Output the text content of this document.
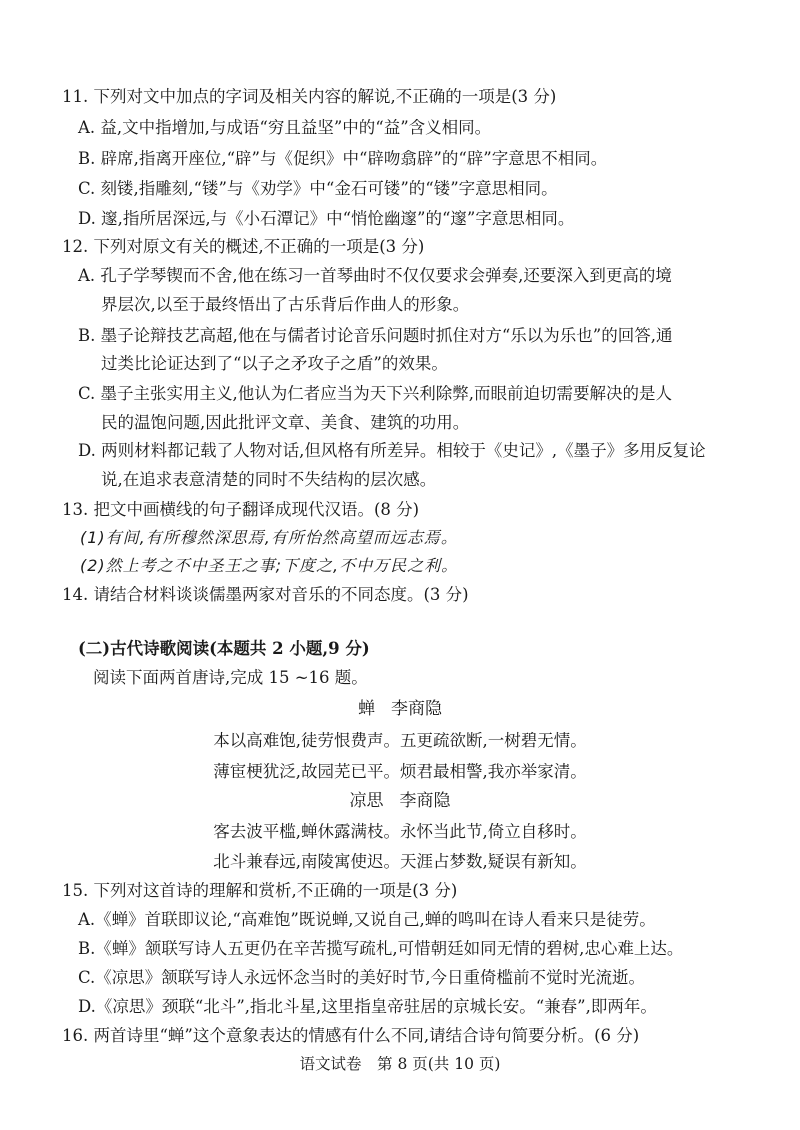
11. 下列对文中加点的字词及相关内容的解说,不正确的一项是(3 分)
A. 益,文中指增加,与成语“穷且益坚”中的“益”含义相同。
B. 辟席,指离开座位,“辟”与《促织》中“辟吻翕辟”的“辟”字意思不相同。
C. 刻镂,指雕刻,“镂”与《劝学》中“金石可镂”的“镂”字意思相同。
D. 邃,指所居深远,与《小石潭记》中“悄怆幽邃”的“邃”字意思相同。
12. 下列对原文有关的概述,不正确的一项是(3 分)
A. 孔子学琴锲而不舍,他在练习一首琴曲时不仅仅要求会弹奏,还要深入到更高的境
界层次,以至于最终悟出了古乐背后作曲人的形象。
B. 墨子论辩技艺高超,他在与儒者讨论音乐问题时抓住对方“乐以为乐也”的回答,通
过类比论证达到了“以子之矛攻子之盾”的效果。
C. 墨子主张实用主义,他认为仁者应当为天下兴利除弊,而眼前迫切需要解决的是人
民的温饱问题,因此批评文章、美食、建筑的功用。
D. 两则材料都记载了人物对话,但风格有所差异。相较于《史记》,《墨子》多用反复论
说,在追求表意清楚的同时不失结构的层次感。
13. 把文中画横线的句子翻译成现代汉语。(8 分)
(1)有间,有所穆然深思焉,有所怡然高望而远志焉。
(2)然上考之不中圣王之事;下度之,不中万民之利。
14. 请结合材料谈谈儒墨两家对音乐的不同态度。(3 分)
(二)古代诗歌阅读(本题共 2 小题,9 分)
阅读下面两首唐诗,完成 15 ~16 题。
蝉 李商隐
本以高难饱,徒劳恨费声。五更疏欲断,一树碧无情。
薄宦梗犹泛,故园芜已平。烦君最相警,我亦举家清。
凉思 李商隐
客去波平槛,蝉休露满枝。永怀当此节,倚立自移时。
北斗兼春远,南陵寓使迟。天涯占梦数,疑误有新知。
15. 下列对这首诗的理解和赏析,不正确的一项是(3 分)
A.《蝉》首联即议论,“高难饱”既说蝉,又说自己,蝉的鸣叫在诗人看来只是徒劳。
B.《蝉》颔联写诗人五更仍在辛苦揽写疏札,可惜朝廷如同无情的碧树,忠心难上达。
C.《凉思》颔联写诗人永远怀念当时的美好时节,今日重倚槛前不觉时光流逝。
D.《凉思》颈联“北斗”,指北斗星,这里指皇帝驻居的京城长安。“兼春”,即两年。
16. 两首诗里“蝉”这个意象表达的情感有什么不同,请结合诗句简要分析。(6 分)
语文试卷　第 8 页(共 10 页)
